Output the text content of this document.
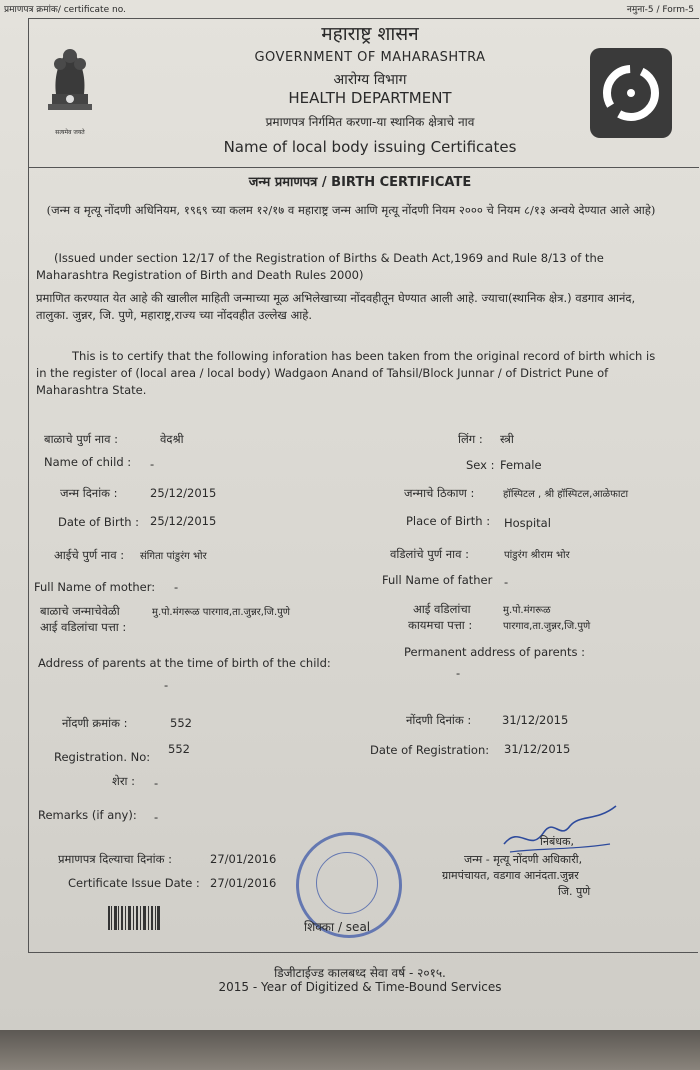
प्रमाणपत्र क्रमांक/ certificate no.	नमुना-5 / Form-5
सत्यमेव जयते
महाराष्ट्र शासन
GOVERNMENT OF MAHARASHTRA
आरोग्य विभाग
HEALTH DEPARTMENT
प्रमाणपत्र निर्गमित करणा-या स्थानिक क्षेत्राचे नाव
Name of local body issuing Certificates
जन्म प्रमाणपत्र / BIRTH CERTIFICATE
(जन्म व मृत्यू नोंदणी अधिनियम, १९६९ च्या कलम १२/१७ व महाराष्ट्र जन्म आणि मृत्यू नोंदणी नियम २००० चे नियम ८/१३ अन्वये देण्यात आले आहे)
(Issued under section 12/17 of the Registration of Births & Death Act,1969 and Rule 8/13 of the Maharashtra Registration of Birth and Death Rules 2000)
प्रमाणित करण्यात येत आहे की खालील माहिती जन्माच्या मूळ अभिलेखाच्या नोंदवहीतून घेण्यात आली आहे. ज्याचा(स्थानिक क्षेत्र.) वडगाव आनंद, तालुका. जुन्नर, जि. पुणे, महाराष्ट्र,राज्य च्या नोंदवहीत उल्लेख आहे.
This is to certify that the following inforation has been taken from the original record of birth which is in the register of (local area / local body) Wadgaon Anand of Tahsil/Block Junnar / of District Pune of Maharashtra State.
बाळाचे पुर्ण नाव :	वेदश्री
Name of child : -
लिंग : स्त्री
Sex : Female
जन्म दिनांक :	25/12/2015
Date of Birth : 25/12/2015
जन्माचे ठिकाण :	हॉस्पिटल , श्री हॉस्पिटल,आळेफाटा
Place of Birth : Hospital
आईचे पुर्ण नाव : संगिता पांडुरंग भोर
Full Name of mother: -
वडिलांचे पुर्ण नाव :	पांडुरंग श्रीराम भोर
Full Name of father -
बाळाचे जन्माचेवेळी
आई वडिलांचा पत्ता :
मु.पो.मंगरूळ पारगाव,ता.जुन्नर,जि.पुणे
Address of parents at the time of birth of the child:
-
आई वडिलांचा
कायमचा पत्ता :
मु.पो.मंगरूळ
पारगाव,ता.जुन्नर,जि.पुणे
Permanent address of parents :
-
नोंदणी क्रमांक :	552
Registration. No:
552
नोंदणी दिनांक :	31/12/2015
Date of Registration: 31/12/2015
शेरा : -
Remarks (if any): -
प्रमाणपत्र दिल्याचा दिनांक :	27/01/2016
Certificate Issue Date : 27/01/2016
शिक्का / seal
निबंधक,
जन्म - मृत्यू नोंदणी अधिकारी,
ग्रामपंचायत, वडगाव आनंदता.जुन्नर
जि. पुणे
डिजीटाईज्ड कालबध्द सेवा वर्ष - २०१५.
2015 - Year of Digitized & Time-Bound Services
